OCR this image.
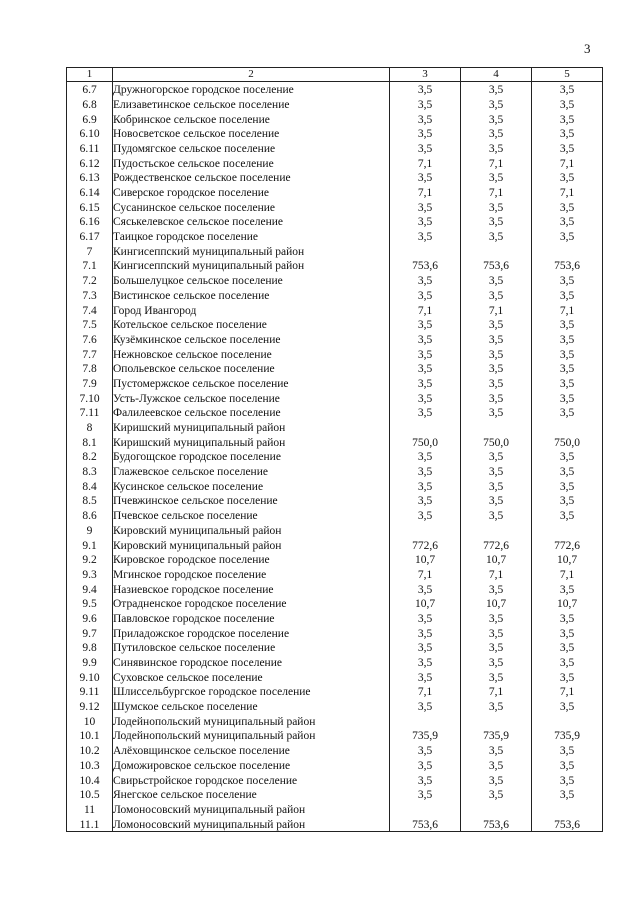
3
1	2	3	4	5
6.7	Дружногорское городское поселение	3,5	3,5	3,5
6.8	Елизаветинское сельское поселение	3,5	3,5	3,5
6.9	Кобринское сельское поселение	3,5	3,5	3,5
6.10	Новосветское сельское поселение	3,5	3,5	3,5
6.11	Пудомягское сельское поселение	3,5	3,5	3,5
6.12	Пудостьское сельское поселение	7,1	7,1	7,1
6.13	Рождественское сельское поселение	3,5	3,5	3,5
6.14	Сиверское городское поселение	7,1	7,1	7,1
6.15	Сусанинское сельское поселение	3,5	3,5	3,5
6.16	Сяськелевское сельское поселение	3,5	3,5	3,5
6.17	Таицкое городское поселение	3,5	3,5	3,5
7	Кингисеппский муниципальный район			
7.1	Кингисеппский муниципальный район	753,6	753,6	753,6
7.2	Большелуцкое сельское поселение	3,5	3,5	3,5
7.3	Вистинское сельское поселение	3,5	3,5	3,5
7.4	Город Ивангород	7,1	7,1	7,1
7.5	Котельское сельское поселение	3,5	3,5	3,5
7.6	Кузёмкинское сельское поселение	3,5	3,5	3,5
7.7	Нежновское сельское поселение	3,5	3,5	3,5
7.8	Опольевское сельское поселение	3,5	3,5	3,5
7.9	Пустомержское сельское поселение	3,5	3,5	3,5
7.10	Усть-Лужское сельское поселение	3,5	3,5	3,5
7.11	Фалилеевское сельское поселение	3,5	3,5	3,5
8	Киришский муниципальный район			
8.1	Киришский муниципальный район	750,0	750,0	750,0
8.2	Будогощское городское поселение	3,5	3,5	3,5
8.3	Глажевское сельское поселение	3,5	3,5	3,5
8.4	Кусинское сельское поселение	3,5	3,5	3,5
8.5	Пчевжинское сельское поселение	3,5	3,5	3,5
8.6	Пчевское сельское поселение	3,5	3,5	3,5
9	Кировский муниципальный район			
9.1	Кировский муниципальный район	772,6	772,6	772,6
9.2	Кировское городское поселение	10,7	10,7	10,7
9.3	Мгинское городское поселение	7,1	7,1	7,1
9.4	Назиевское городское поселение	3,5	3,5	3,5
9.5	Отрадненское городское поселение	10,7	10,7	10,7
9.6	Павловское городское поселение	3,5	3,5	3,5
9.7	Приладожское городское поселение	3,5	3,5	3,5
9.8	Путиловское сельское поселение	3,5	3,5	3,5
9.9	Синявинское городское поселение	3,5	3,5	3,5
9.10	Суховское сельское поселение	3,5	3,5	3,5
9.11	Шлиссельбургское городское поселение	7,1	7,1	7,1
9.12	Шумское сельское поселение	3,5	3,5	3,5
10	Лодейнопольский муниципальный район			
10.1	Лодейнопольский муниципальный район	735,9	735,9	735,9
10.2	Алёховщинское сельское поселение	3,5	3,5	3,5
10.3	Доможировское сельское поселение	3,5	3,5	3,5
10.4	Свирьстройское городское поселение	3,5	3,5	3,5
10.5	Янегское сельское поселение	3,5	3,5	3,5
11	Ломоносовский муниципальный район			
11.1	Ломоносовский муниципальный район	753,6	753,6	753,6
